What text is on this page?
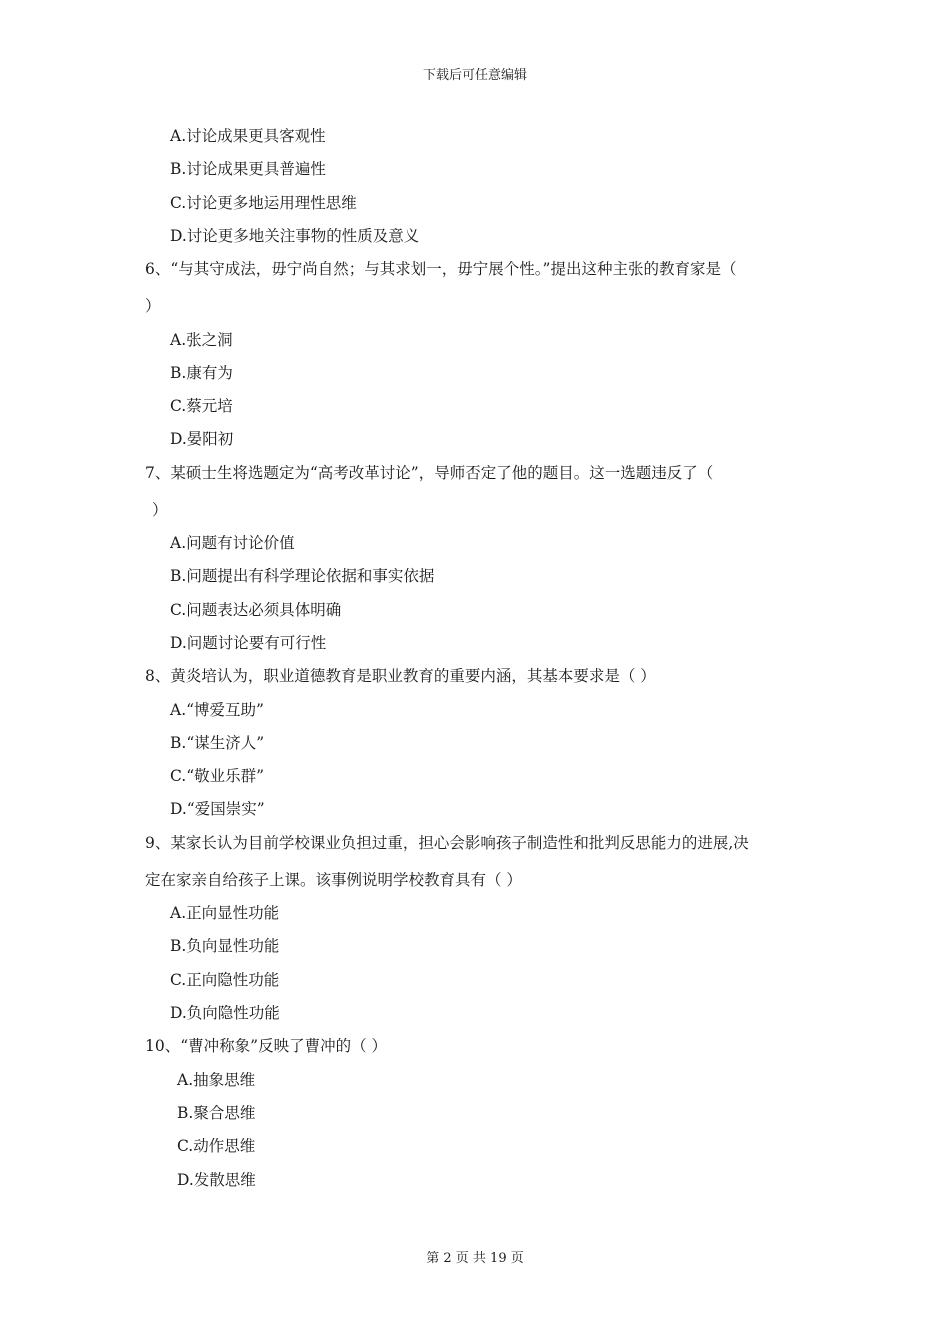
下载后可任意编辑
A.讨论成果更具客观性
B.讨论成果更具普遍性
C.讨论更多地运用理性思维
D.讨论更多地关注事物的性质及意义
6、“与其守成法，毋宁尚自然；与其求划一，毋宁展个性。”提出这种主张的教育家是（
）
A.张之洞
B.康有为
C.蔡元培
D.晏阳初
7、某硕士生将选题定为“高考改革讨论”，导师否定了他的题目。这一选题违反了（
）
A.问题有讨论价值
B.问题提出有科学理论依据和事实依据
C.问题表达必须具体明确
D.问题讨论要有可行性
8、黄炎培认为，职业道德教育是职业教育的重要内涵，其基本要求是（ ）
A.“博爱互助”
B.“谋生济人”
C.“敬业乐群”
D.“爱国崇实”
9、某家长认为目前学校课业负担过重，担心会影响孩子制造性和批判反思能力的进展,决
定在家亲自给孩子上课。该事例说明学校教育具有（ ）
A.正向显性功能
B.负向显性功能
C.正向隐性功能
D.负向隐性功能
10、“曹冲称象”反映了曹冲的（ ）
A.抽象思维
B.聚合思维
C.动作思维
D.发散思维
第 2 页 共 19 页
